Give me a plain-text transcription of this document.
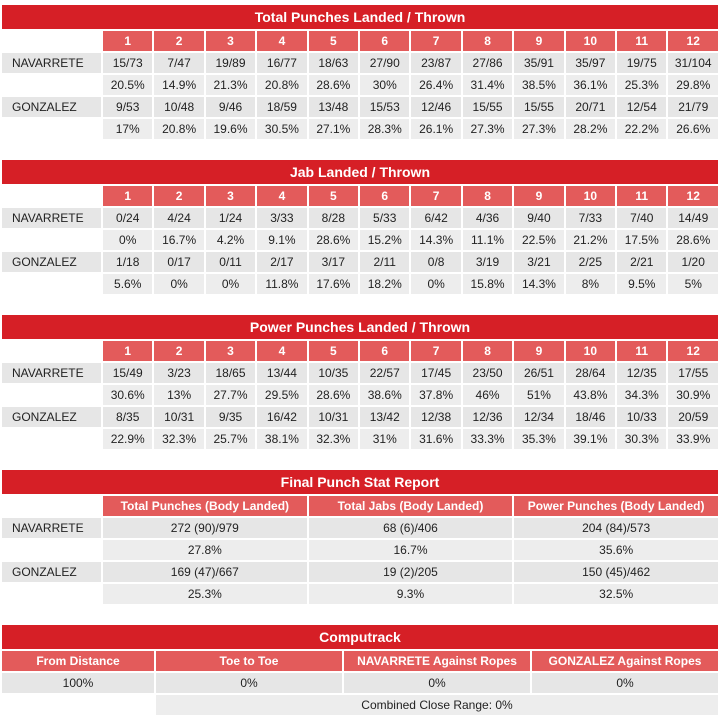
Total Punches Landed / Thrown												
	1	2	3	4	5	6	7	8	9	10	11	12
NAVARRETE	15/73	7/47	19/89	16/77	18/63	27/90	23/87	27/86	35/91	35/97	19/75	31/104
	20.5%	14.9%	21.3%	20.8%	28.6%	30%	26.4%	31.4%	38.5%	36.1%	25.3%	29.8%
GONZALEZ	9/53	10/48	9/46	18/59	13/48	15/53	12/46	15/55	15/55	20/71	12/54	21/79
	17%	20.8%	19.6%	30.5%	27.1%	28.3%	26.1%	27.3%	27.3%	28.2%	22.2%	26.6%
Jab Landed / Thrown												
	1	2	3	4	5	6	7	8	9	10	11	12
NAVARRETE	0/24	4/24	1/24	3/33	8/28	5/33	6/42	4/36	9/40	7/33	7/40	14/49
	0%	16.7%	4.2%	9.1%	28.6%	15.2%	14.3%	11.1%	22.5%	21.2%	17.5%	28.6%
GONZALEZ	1/18	0/17	0/11	2/17	3/17	2/11	0/8	3/19	3/21	2/25	2/21	1/20
	5.6%	0%	0%	11.8%	17.6%	18.2%	0%	15.8%	14.3%	8%	9.5%	5%
Power Punches Landed / Thrown												
	1	2	3	4	5	6	7	8	9	10	11	12
NAVARRETE	15/49	3/23	18/65	13/44	10/35	22/57	17/45	23/50	26/51	28/64	12/35	17/55
	30.6%	13%	27.7%	29.5%	28.6%	38.6%	37.8%	46%	51%	43.8%	34.3%	30.9%
GONZALEZ	8/35	10/31	9/35	16/42	10/31	13/42	12/38	12/36	12/34	18/46	10/33	20/59
	22.9%	32.3%	25.7%	38.1%	32.3%	31%	31.6%	33.3%	35.3%	39.1%	30.3%	33.9%
Final Punch Stat Report			
	Total Punches (Body Landed)	Total Jabs (Body Landed)	Power Punches (Body Landed)
NAVARRETE	272 (90)/979	68 (6)/406	204 (84)/573
	27.8%	16.7%	35.6%
GONZALEZ	169 (47)/667	19 (2)/205	150 (45)/462
	25.3%	9.3%	32.5%
Computrack			
From Distance	Toe to Toe	NAVARRETE Against Ropes	GONZALEZ Against Ropes
100%	0%	0%	0%
	Combined Close Range: 0%		
